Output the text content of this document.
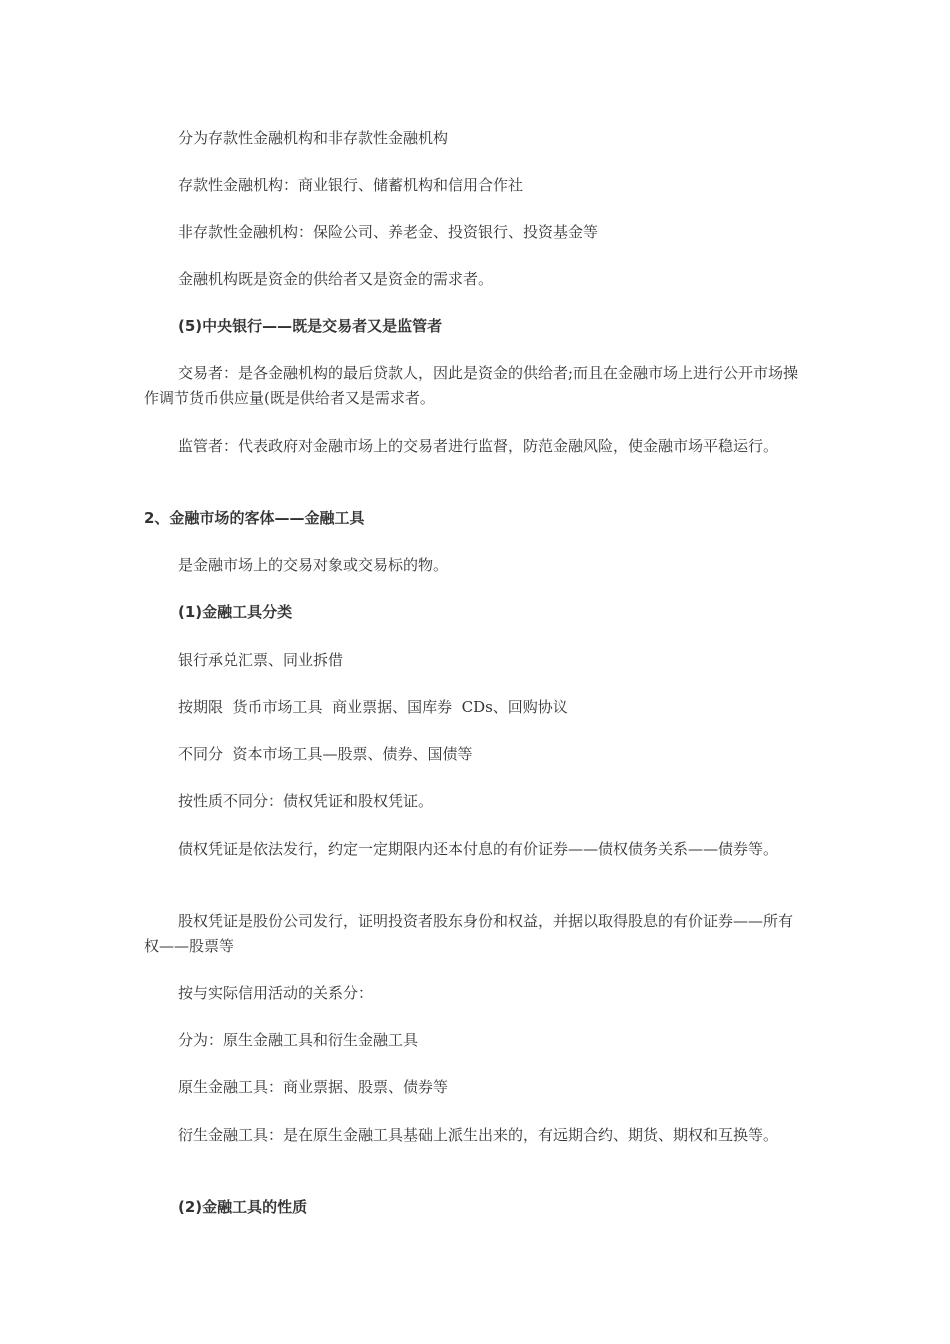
分为存款性金融机构和非存款性金融机构

存款性金融机构：商业银行、储蓄机构和信用合作社

非存款性金融机构：保险公司、养老金、投资银行、投资基金等

金融机构既是资金的供给者又是资金的需求者。

(5)中央银行——既是交易者又是监管者

交易者：是各金融机构的最后贷款人，因此是资金的供给者;而且在金融市场上进行公开市场操作调节货币供应量(既是供给者又是需求者。

监管者：代表政府对金融市场上的交易者进行监督，防范金融风险，使金融市场平稳运行。

2、金融市场的客体——金融工具

是金融市场上的交易对象或交易标的物。

(1)金融工具分类

银行承兑汇票、同业拆借

按期限  货币市场工具  商业票据、国库券  CDs、回购协议

不同分  资本市场工具—股票、债券、国债等

按性质不同分：债权凭证和股权凭证。

债权凭证是依法发行，约定一定期限内还本付息的有价证券——债权债务关系——债券等。

股权凭证是股份公司发行，证明投资者股东身份和权益，并据以取得股息的有价证券——所有权——股票等

按与实际信用活动的关系分：

分为：原生金融工具和衍生金融工具

原生金融工具：商业票据、股票、债券等

衍生金融工具：是在原生金融工具基础上派生出来的，有远期合约、期货、期权和互换等。

(2)金融工具的性质
